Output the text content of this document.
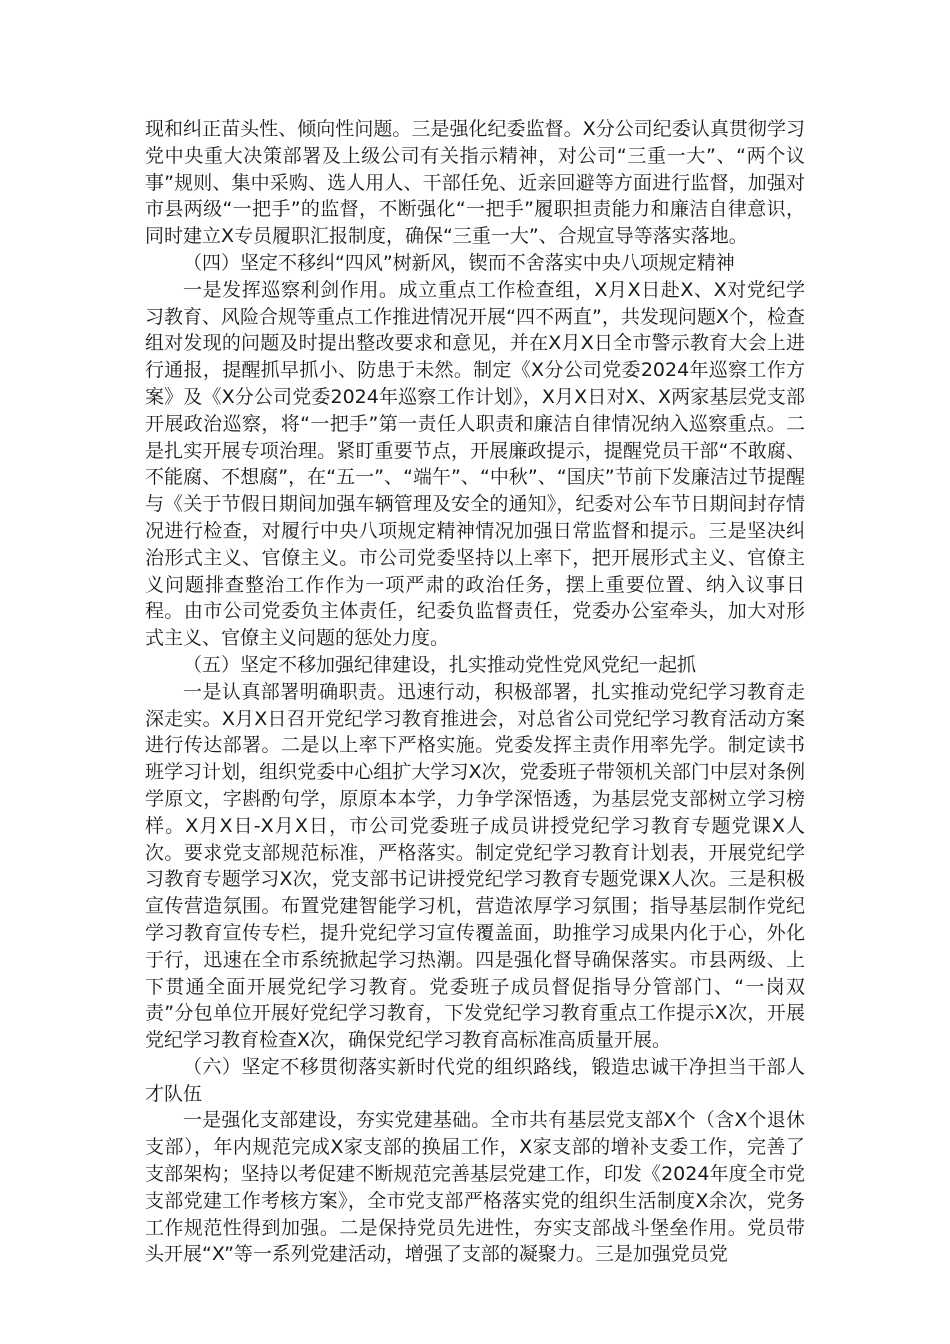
现和纠正苗头性、倾向性问题。三是强化纪委监督。X分公司纪委认真贯彻学习党中央重大决策部署及上级公司有关指示精神，对公司“三重一大”、“两个议事”规则、集中采购、选人用人、干部任免、近亲回避等方面进行监督，加强对市县两级“一把手”的监督，不断强化“一把手”履职担责能力和廉洁自律意识，同时建立X专员履职汇报制度，确保“三重一大”、合规宣导等落实落地。

（四）坚定不移纠“四风”树新风，锲而不舍落实中央八项规定精神

一是发挥巡察利剑作用。成立重点工作检查组，X月X日赴X、X对党纪学习教育、风险合规等重点工作推进情况开展“四不两直”，共发现问题X个，检查组对发现的问题及时提出整改要求和意见，并在X月X日全市警示教育大会上进行通报，提醒抓早抓小、防患于未然。制定《X分公司党委2024年巡察工作方案》及《X分公司党委2024年巡察工作计划》，X月X日对X、X两家基层党支部开展政治巡察，将“一把手”第一责任人职责和廉洁自律情况纳入巡察重点。二是扎实开展专项治理。紧盯重要节点，开展廉政提示，提醒党员干部“不敢腐、不能腐、不想腐”，在“五一”、“端午”、“中秋”、“国庆”节前下发廉洁过节提醒与《关于节假日期间加强车辆管理及安全的通知》，纪委对公车节日期间封存情况进行检查，对履行中央八项规定精神情况加强日常监督和提示。三是坚决纠治形式主义、官僚主义。市公司党委坚持以上率下，把开展形式主义、官僚主义问题排查整治工作作为一项严肃的政治任务，摆上重要位置、纳入议事日程。由市公司党委负主体责任，纪委负监督责任，党委办公室牵头，加大对形式主义、官僚主义问题的惩处力度。

（五）坚定不移加强纪律建设，扎实推动党性党风党纪一起抓

一是认真部署明确职责。迅速行动，积极部署，扎实推动党纪学习教育走深走实。X月X日召开党纪学习教育推进会，对总省公司党纪学习教育活动方案进行传达部署。二是以上率下严格实施。党委发挥主责作用率先学。制定读书班学习计划，组织党委中心组扩大学习X次，党委班子带领机关部门中层对条例学原文，字斟酌句学，原原本本学，力争学深悟透，为基层党支部树立学习榜样。X月X日-X月X日，市公司党委班子成员讲授党纪学习教育专题党课X人次。要求党支部规范标准，严格落实。制定党纪学习教育计划表，开展党纪学习教育专题学习X次，党支部书记讲授党纪学习教育专题党课X人次。三是积极宣传营造氛围。布置党建智能学习机，营造浓厚学习氛围；指导基层制作党纪学习教育宣传专栏，提升党纪学习宣传覆盖面，助推学习成果内化于心，外化于行，迅速在全市系统掀起学习热潮。四是强化督导确保落实。市县两级、上下贯通全面开展党纪学习教育。党委班子成员督促指导分管部门、“一岗双责”分包单位开展好党纪学习教育，下发党纪学习教育重点工作提示X次，开展党纪学习教育检查X次，确保党纪学习教育高标准高质量开展。

（六）坚定不移贯彻落实新时代党的组织路线，锻造忠诚干净担当干部人才队伍

一是强化支部建设，夯实党建基础。全市共有基层党支部X个（含X个退休支部），年内规范完成X家支部的换届工作，X家支部的增补支委工作，完善了支部架构；坚持以考促建不断规范完善基层党建工作，印发《2024年度全市党支部党建工作考核方案》，全市党支部严格落实党的组织生活制度X余次，党务工作规范性得到加强。二是保持党员先进性，夯实支部战斗堡垒作用。党员带头开展“X”等一系列党建活动，增强了支部的凝聚力。三是加强党员党
